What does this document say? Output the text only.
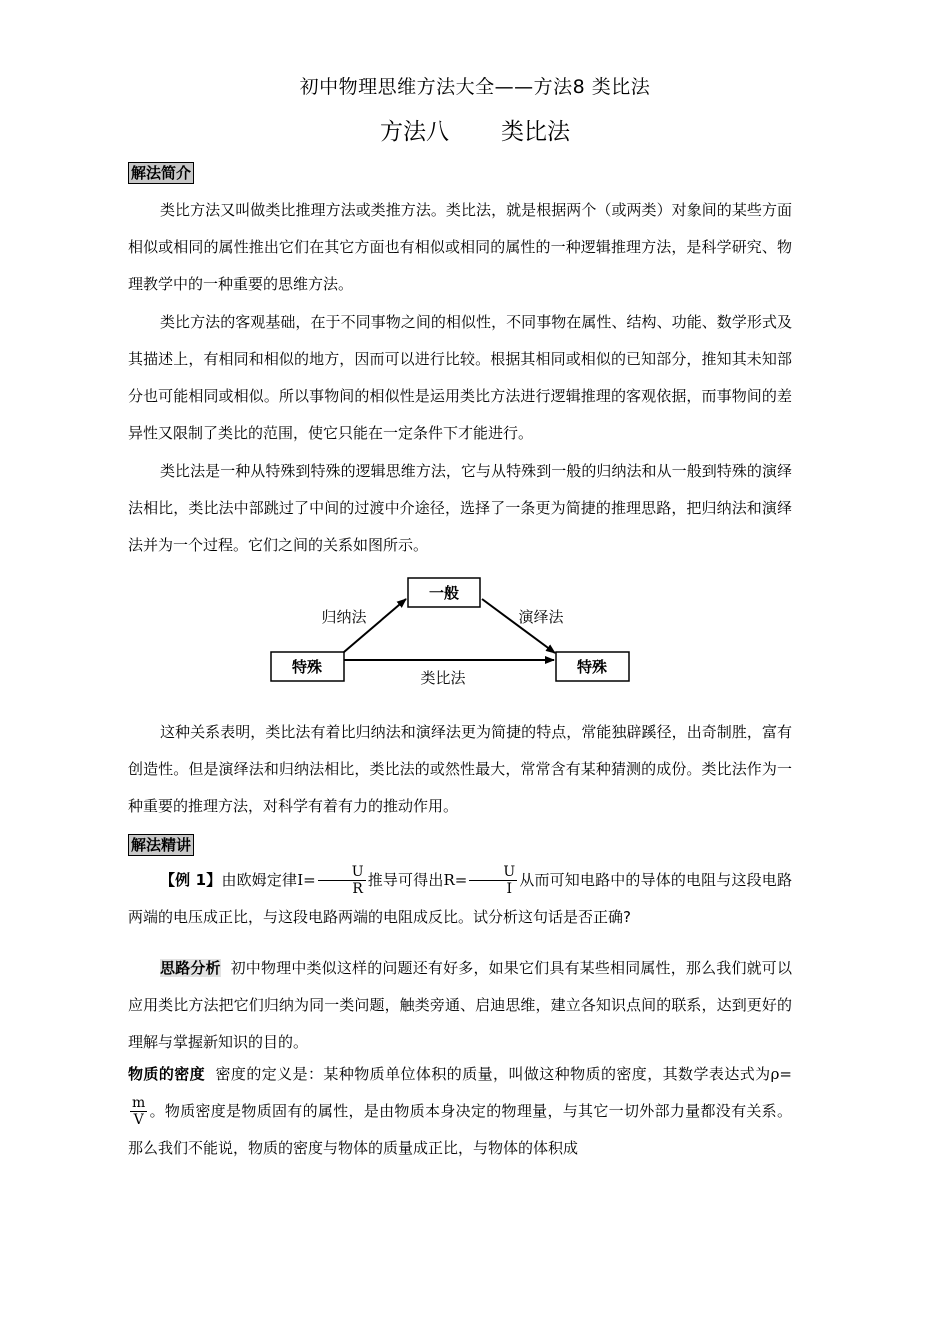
初中物理思维方法大全——方法8 类比法
方法八 类比法
解法简介
类比方法又叫做类比推理方法或类推方法。类比法，就是根据两个（或两类）对象间的某些方面相似或相同的属性推出它们在其它方面也有相似或相同的属性的一种逻辑推理方法，是科学研究、物理教学中的一种重要的思维方法。
类比方法的客观基础，在于不同事物之间的相似性，不同事物在属性、结构、功能、数学形式及其描述上，有相同和相似的地方，因而可以进行比较。根据其相同或相似的已知部分，推知其未知部分也可能相同或相似。所以事物间的相似性是运用类比方法进行逻辑推理的客观依据，而事物间的差异性又限制了类比的范围，使它只能在一定条件下才能进行。
类比法是一种从特殊到特殊的逻辑思维方法，它与从特殊到一般的归纳法和从一般到特殊的演绎法相比，类比法中部跳过了中间的过渡中介途径，选择了一条更为简捷的推理思路，把归纳法和演绎法并为一个过程。它们之间的关系如图所示。
一般
特殊	特殊
归纳法	演绎法
类比法
这种关系表明，类比法有着比归纳法和演绎法更为简捷的特点，常能独辟蹊径，出奇制胜，富有创造性。但是演绎法和归纳法相比，类比法的或然性最大，常常含有某种猜测的成份。类比法作为一种重要的推理方法，对科学有着有力的推动作用。
解法精讲
【例 1】由欧姆定律$I= \frac{U}{R}$ 推导可得出$R= \frac{U}{I}$ 从而可知电路中的导体的电阻与这段电路两端的电压成正比，与这段电路两端的电阻成反比。试分析这句话是否正确?
思路分析 初中物理中类似这样的问题还有好多，如果它们具有某些相同属性，那么我们就可以应用类比方法把它们归纳为同一类问题，触类旁通、启迪思维，建立各知识点间的联系，达到更好的理解与掌握新知识的目的。
物质的密度 密度的定义是：某种物质单位体积的质量，叫做这种物质的密度，其数学表达式为ρ=
$\frac{m}{V}$ 。物质密度是物质固有的属性，是由物质本身决定的物理量，与其它一切外部力量都没有关系。那么我们不能说，物质的密度与物体的质量成正比，与物体的体积成
